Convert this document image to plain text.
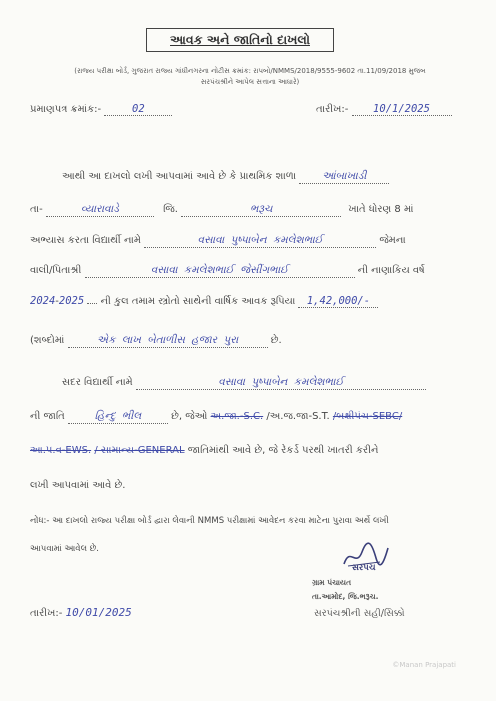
આવક અને જાતિનો દાખલો
(રાજ્ય પરીક્ષા બોર્ડ, ગુજરાત રાજ્ય ગાંધીનગરના નોટીસ ક્રમાંક: રાપબો/NMMS/2018/9555-9602 તા.11/09/2018 મુજબ
સરપંચશ્રીને આપેલ સત્તાના આધારે)
પ્રમાણપત્ર ક્રમાંક:-	02	તારીખ:- 10/1/2025
આથી આ દાખલો લખી આપવામાં આવે છે કે પ્રાથમિક શાળા આંબાખાડી
તા-	વ્યારાવાડે	જિ.	ભરૂચ	ખાતે ધોરણ 8 માં
અભ્યાસ કરતા વિદ્યાર્થી નામે	વસાવા પુષ્પાબેન કમલેશભાઈ	જેમના
વાલી/પિતાશ્રી	વસાવા કમલેશભાઈ જેસીંગભાઈ	ની નાણાકિય વર્ષ
2024-2025 ની કુલ તમામ સ્ત્રોતો સાથેની વાર્ષિક આવક રૂપિયા 1,42,000/-
(શબ્દોમાં	એક લાખ બેતાળીસ હજાર પુરા	છે.
સદર વિદ્યાર્થી નામે	વસાવા પુષ્પાબેન કમલેશભાઈ
ની જાતિ	હિન્દુ ભીલ	છે, જેઓ અ.જા.-S.C. /અ.જ.જા-S.T. /બક્ષીપંચ-SEBC/
આ.પ.વ-EWS. / સામાન્ય-GENERAL જાતિમાંથી આવે છે, જે રેકર્ડ પરથી ખાતરી કરીને
લખી આપવામાં આવે છે.
નોંધ:- આ દાખલો રાજ્ય પરીક્ષા બોર્ડ દ્વારા લેવાની NMMS પરીક્ષામાં આવેદન કરવા માટેના પુરાવા અર્થે લખી
આપવામાં આવેલ છે.
સરપંચ
ગ્રામ પંચાયત
તા.આમોદ, જિ.ભરૂચ.
સરપંચશ્રીની સહી/સિક્કો
તારીખ:- 10/01/2025
©Manan Prajapati
